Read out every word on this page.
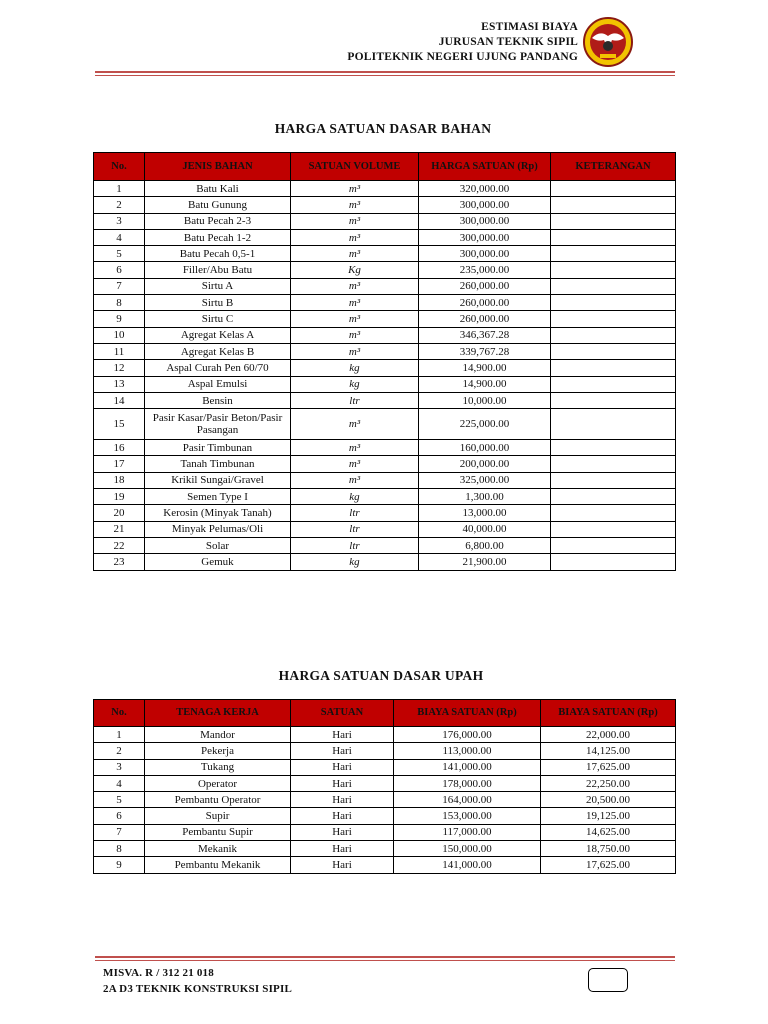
ESTIMASI BIAYA
JURUSAN TEKNIK SIPIL
POLITEKNIK NEGERI UJUNG PANDANG
HARGA SATUAN DASAR BAHAN
No.	JENIS BAHAN	SATUAN VOLUME	HARGA SATUAN (Rp)	KETERANGAN
1	Batu Kali	m³	320,000.00	
2	Batu Gunung	m³	300,000.00	
3	Batu Pecah 2-3	m³	300,000.00	
4	Batu Pecah 1-2	m³	300,000.00	
5	Batu Pecah 0,5-1	m³	300,000.00	
6	Filler/Abu Batu	Kg	235,000.00	
7	Sirtu A	m³	260,000.00	
8	Sirtu B	m³	260,000.00	
9	Sirtu C	m³	260,000.00	
10	Agregat Kelas A	m³	346,367.28	
11	Agregat Kelas B	m³	339,767.28	
12	Aspal Curah Pen 60/70	kg	14,900.00	
13	Aspal Emulsi	kg	14,900.00	
14	Bensin	ltr	10,000.00	
15	Pasir Kasar/Pasir Beton/Pasir Pasangan	m³	225,000.00	
16	Pasir Timbunan	m³	160,000.00	
17	Tanah Timbunan	m³	200,000.00	
18	Krikil Sungai/Gravel	m³	325,000.00	
19	Semen Type I	kg	1,300.00	
20	Kerosin (Minyak Tanah)	ltr	13,000.00	
21	Minyak Pelumas/Oli	ltr	40,000.00	
22	Solar	ltr	6,800.00	
23	Gemuk	kg	21,900.00	
HARGA SATUAN DASAR UPAH
No.	TENAGA KERJA	SATUAN	BIAYA SATUAN (Rp)	BIAYA SATUAN (Rp)
1	Mandor	Hari	176,000.00	22,000.00
2	Pekerja	Hari	113,000.00	14,125.00
3	Tukang	Hari	141,000.00	17,625.00
4	Operator	Hari	178,000.00	22,250.00
5	Pembantu Operator	Hari	164,000.00	20,500.00
6	Supir	Hari	153,000.00	19,125.00
7	Pembantu Supir	Hari	117,000.00	14,625.00
8	Mekanik	Hari	150,000.00	18,750.00
9	Pembantu Mekanik	Hari	141,000.00	17,625.00
MISVA. R / 312 21 018
2A D3 TEKNIK KONSTRUKSI SIPIL
